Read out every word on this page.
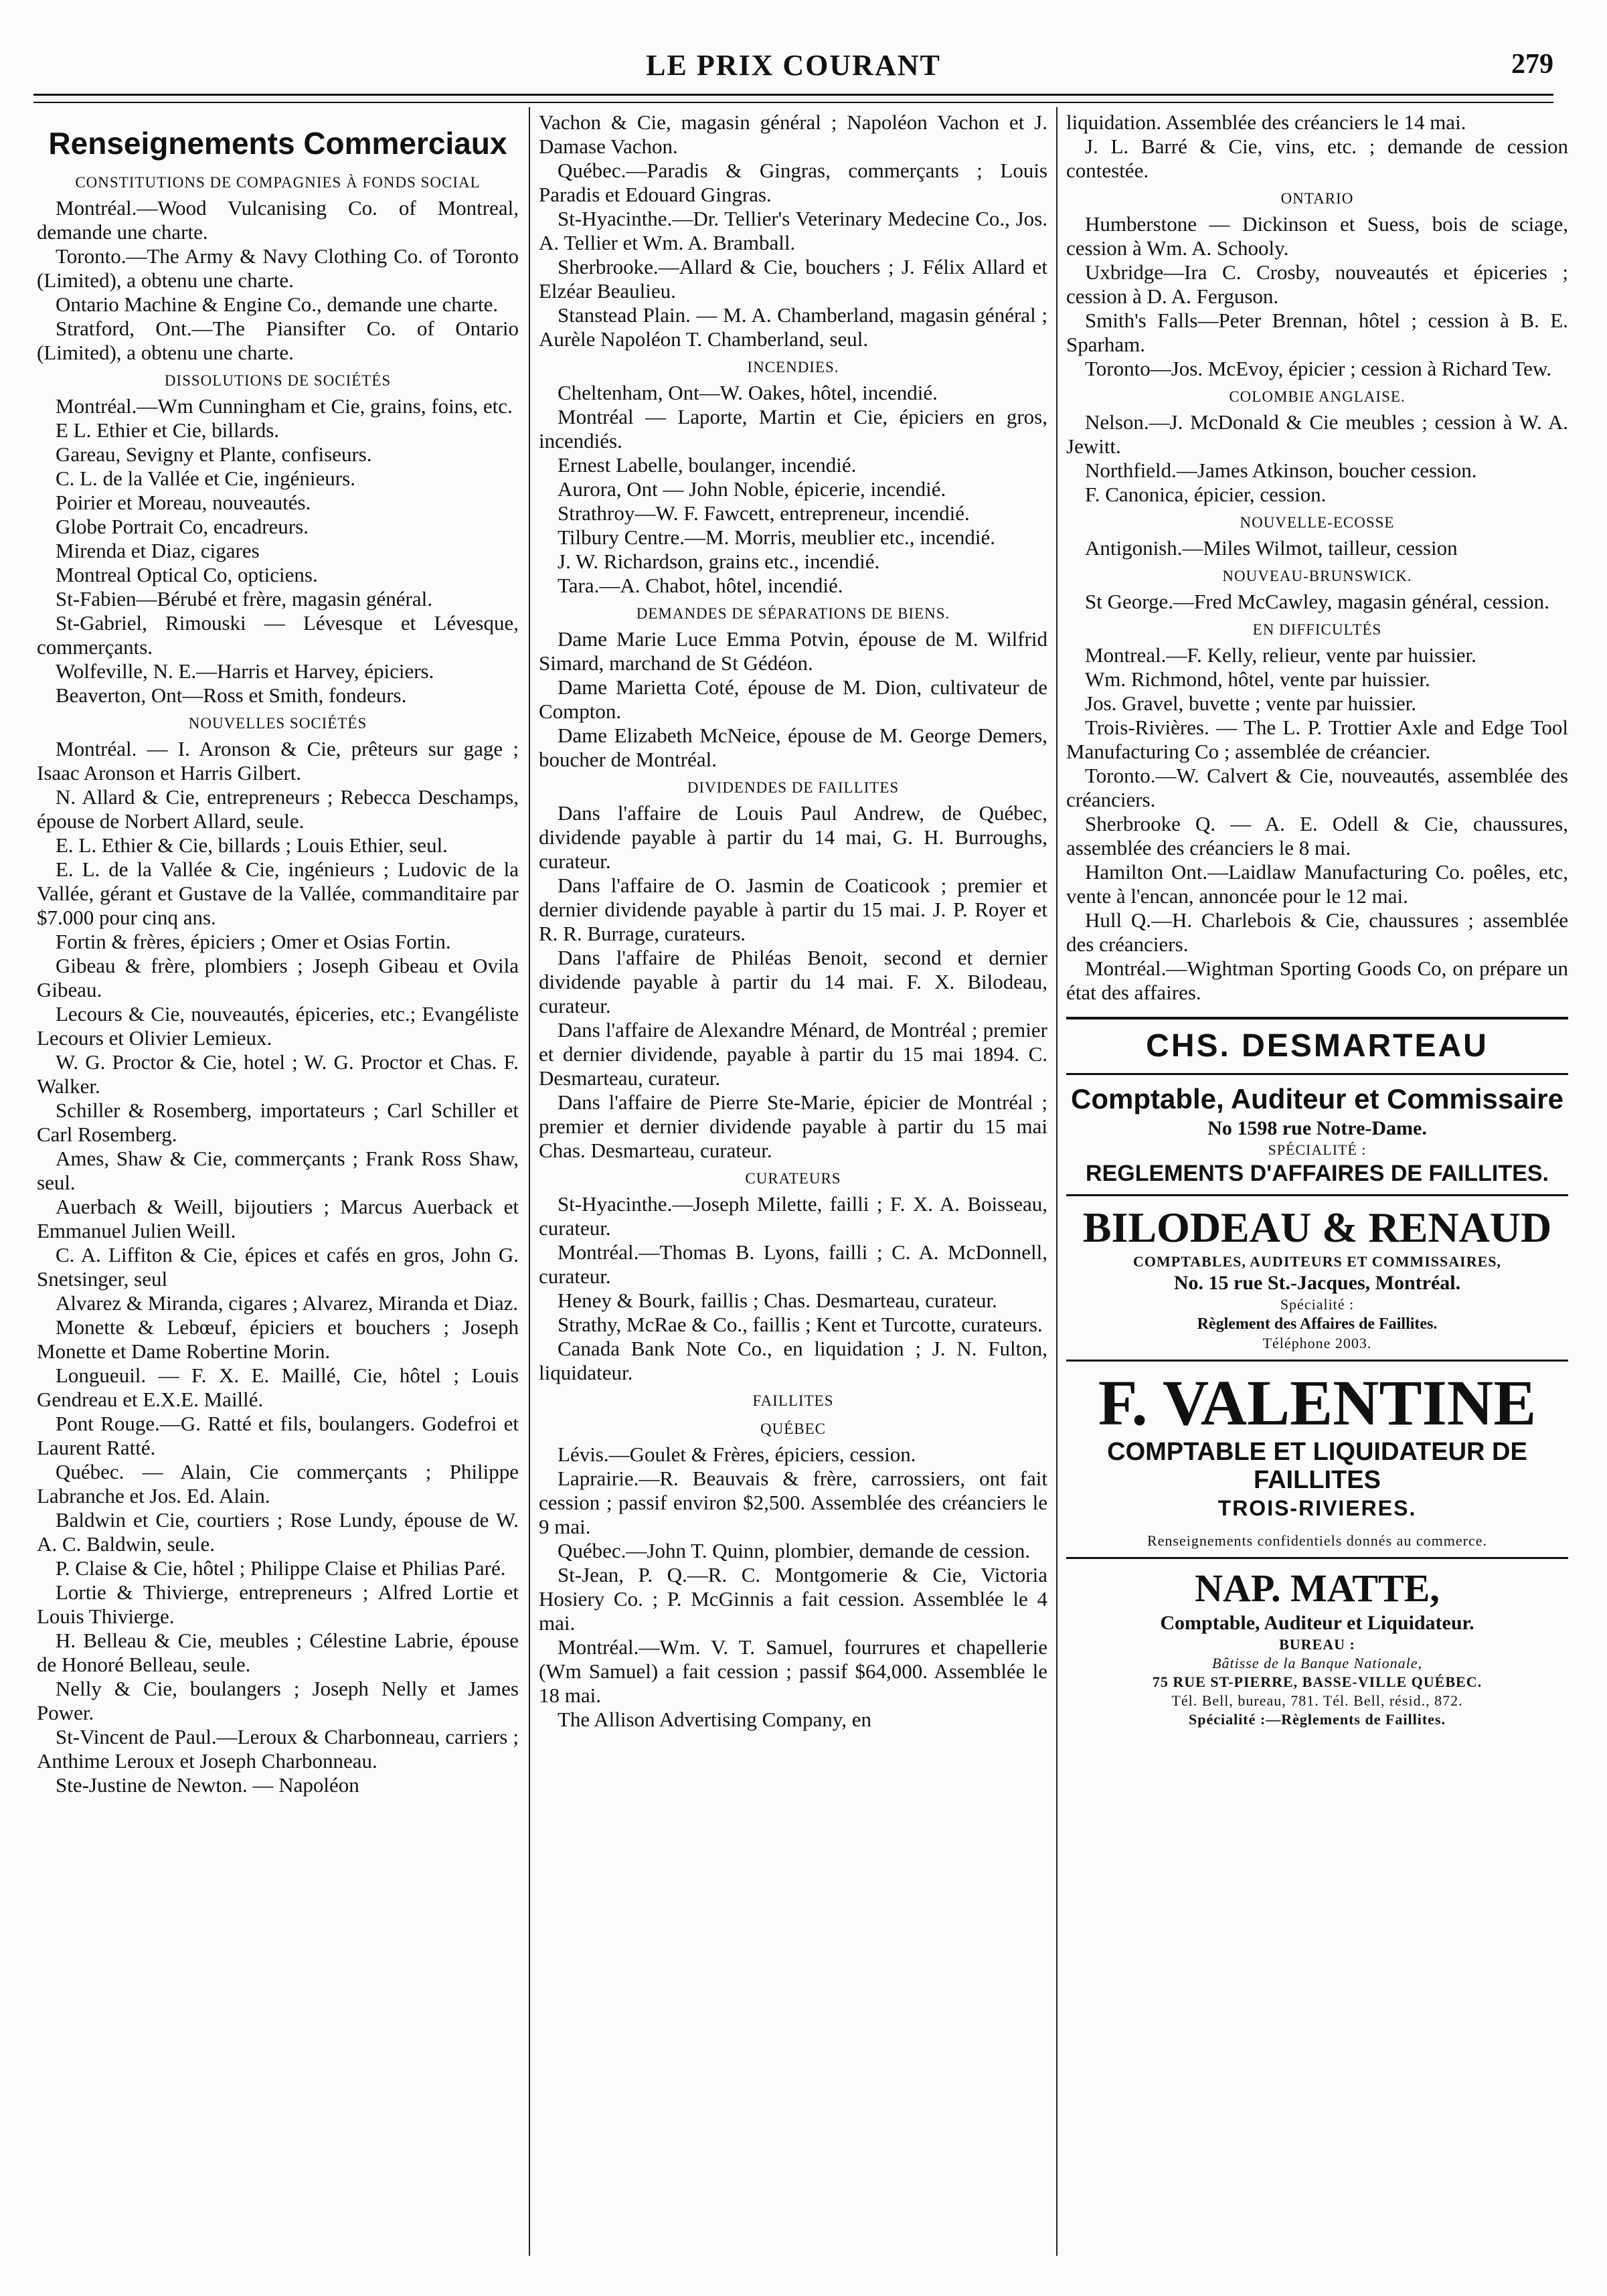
LE PRIX COURANT	279
Renseignements Commerciaux
CONSTITUTIONS DE COMPAGNIES À FONDS SOCIAL

Montréal.—Wood Vulcanising Co. of Montreal, demande une charte.

Toronto.—The Army & Navy Clothing Co. of Toronto (Limited), a obtenu une charte.

Ontario Machine & Engine Co., demande une charte.

Stratford, Ont.—The Piansifter Co. of Ontario (Limited), a obtenu une charte.

DISSOLUTIONS DE SOCIÉTÉS

Montréal.—Wm Cunningham et Cie, grains, foins, etc.

E L. Ethier et Cie, billards.

Gareau, Sevigny et Plante, confiseurs.

C. L. de la Vallée et Cie, ingénieurs.

Poirier et Moreau, nouveautés.

Globe Portrait Co, encadreurs.

Mirenda et Diaz, cigares

Montreal Optical Co, opticiens.

St-Fabien—Bérubé et frère, magasin général.

St-Gabriel, Rimouski — Lévesque et Lévesque, commerçants.

Wolfeville, N. E.—Harris et Harvey, épiciers.

Beaverton, Ont—Ross et Smith, fondeurs.

NOUVELLES SOCIÉTÉS

Montréal. — I. Aronson & Cie, prêteurs sur gage ; Isaac Aronson et Harris Gilbert.

N. Allard & Cie, entrepreneurs ; Rebecca Deschamps, épouse de Norbert Allard, seule.

E. L. Ethier & Cie, billards ; Louis Ethier, seul.

E. L. de la Vallée & Cie, ingénieurs ; Ludovic de la Vallée, gérant et Gustave de la Vallée, commanditaire par $7.000 pour cinq ans.

Fortin & frères, épiciers ; Omer et Osias Fortin.

Gibeau & frère, plombiers ; Joseph Gibeau et Ovila Gibeau.

Lecours & Cie, nouveautés, épiceries, etc.; Evangéliste Lecours et Olivier Lemieux.

W. G. Proctor & Cie, hotel ; W. G. Proctor et Chas. F. Walker.

Schiller & Rosemberg, importateurs ; Carl Schiller et Carl Rosemberg.

Ames, Shaw & Cie, commerçants ; Frank Ross Shaw, seul.

Auerbach & Weill, bijoutiers ; Marcus Auerback et Emmanuel Julien Weill.

C. A. Liffiton & Cie, épices et cafés en gros, John G. Snetsinger, seul

Alvarez & Miranda, cigares ; Alvarez, Miranda et Diaz.

Monette & Lebœuf, épiciers et bouchers ; Joseph Monette et Dame Robertine Morin.

Longueuil. — F. X. E. Maillé, Cie, hôtel ; Louis Gendreau et E.X.E. Maillé.

Pont Rouge.—G. Ratté et fils, boulangers. Godefroi et Laurent Ratté.

Québec. — Alain, Cie commerçants ; Philippe Labranche et Jos. Ed. Alain.

Baldwin et Cie, courtiers ; Rose Lundy, épouse de W. A. C. Baldwin, seule.

P. Claise & Cie, hôtel ; Philippe Claise et Philias Paré.

Lortie & Thivierge, entrepreneurs ; Alfred Lortie et Louis Thivierge.

H. Belleau & Cie, meubles ; Célestine Labrie, épouse de Honoré Belleau, seule.

Nelly & Cie, boulangers ; Joseph Nelly et James Power.

St-Vincent de Paul.—Leroux & Charbonneau, carriers ; Anthime Leroux et Joseph Charbonneau.

Ste-Justine de Newton. — Napoléon

Vachon & Cie, magasin général ; Napoléon Vachon et J. Damase Vachon.

Québec.—Paradis & Gingras, commerçants ; Louis Paradis et Edouard Gingras.

St-Hyacinthe.—Dr. Tellier's Veterinary Medecine Co., Jos. A. Tellier et Wm. A. Bramball.

Sherbrooke.—Allard & Cie, bouchers ; J. Félix Allard et Elzéar Beaulieu.

Stanstead Plain. — M. A. Chamberland, magasin général ; Aurèle Napoléon T. Chamberland, seul.

INCENDIES.

Cheltenham, Ont—W. Oakes, hôtel, incendié.

Montréal — Laporte, Martin et Cie, épiciers en gros, incendiés.

Ernest Labelle, boulanger, incendié.

Aurora, Ont — John Noble, épicerie, incendié.

Strathroy—W. F. Fawcett, entrepreneur, incendié.

Tilbury Centre.—M. Morris, meublier etc., incendié.

J. W. Richardson, grains etc., incendié.

Tara.—A. Chabot, hôtel, incendié.

DEMANDES DE SÉPARATIONS DE BIENS.

Dame Marie Luce Emma Potvin, épouse de M. Wilfrid Simard, marchand de St Gédéon.

Dame Marietta Coté, épouse de M. Dion, cultivateur de Compton.

Dame Elizabeth McNeice, épouse de M. George Demers, boucher de Montréal.

DIVIDENDES DE FAILLITES

Dans l'affaire de Louis Paul Andrew, de Québec, dividende payable à partir du 14 mai, G. H. Burroughs, curateur.

Dans l'affaire de O. Jasmin de Coaticook ; premier et dernier dividende payable à partir du 15 mai. J. P. Royer et R. R. Burrage, curateurs.

Dans l'affaire de Philéas Benoit, second et dernier dividende payable à partir du 14 mai. F. X. Bilodeau, curateur.

Dans l'affaire de Alexandre Ménard, de Montréal ; premier et dernier dividende, payable à partir du 15 mai 1894. C. Desmarteau, curateur.

Dans l'affaire de Pierre Ste-Marie, épicier de Montréal ; premier et dernier dividende payable à partir du 15 mai Chas. Desmarteau, curateur.

CURATEURS

St-Hyacinthe.—Joseph Milette, failli ; F. X. A. Boisseau, curateur.

Montréal.—Thomas B. Lyons, failli ; C. A. McDonnell, curateur.

Heney & Bourk, faillis ; Chas. Desmarteau, curateur.

Strathy, McRae & Co., faillis ; Kent et Turcotte, curateurs.

Canada Bank Note Co., en liquidation ; J. N. Fulton, liquidateur.

FAILLITES
QUÉBEC

Lévis.—Goulet & Frères, épiciers, cession.

Laprairie.—R. Beauvais & frère, carrossiers, ont fait cession ; passif environ $2,500. Assemblée des créanciers le 9 mai.

Québec.—John T. Quinn, plombier, demande de cession.

St-Jean, P. Q.—R. C. Montgomerie & Cie, Victoria Hosiery Co. ; P. McGinnis a fait cession. Assemblée le 4 mai.

Montréal.—Wm. V. T. Samuel, fourrures et chapellerie (Wm Samuel) a fait cession ; passif $64,000. Assemblée le 18 mai.

The Allison Advertising Company, en

liquidation. Assemblée des créanciers le 14 mai.

J. L. Barré & Cie, vins, etc. ; demande de cession contestée.

ONTARIO

Humberstone — Dickinson et Suess, bois de sciage, cession à Wm. A. Schooly.

Uxbridge—Ira C. Crosby, nouveautés et épiceries ; cession à D. A. Ferguson.

Smith's Falls—Peter Brennan, hôtel ; cession à B. E. Sparham.

Toronto—Jos. McEvoy, épicier ; cession à Richard Tew.

COLOMBIE ANGLAISE.

Nelson.—J. McDonald & Cie meubles ; cession à W. A. Jewitt.

Northfield.—James Atkinson, boucher cession.

F. Canonica, épicier, cession.

NOUVELLE-ECOSSE

Antigonish.—Miles Wilmot, tailleur, cession

NOUVEAU-BRUNSWICK.

St George.—Fred McCawley, magasin général, cession.

EN DIFFICULTÉS

Montreal.—F. Kelly, relieur, vente par huissier.

Wm. Richmond, hôtel, vente par huissier.

Jos. Gravel, buvette ; vente par huissier.

Trois-Rivières. — The L. P. Trottier Axle and Edge Tool Manufacturing Co ; assemblée de créancier.

Toronto.—W. Calvert & Cie, nouveautés, assemblée des créanciers.

Sherbrooke Q. — A. E. Odell & Cie, chaussures, assemblée des créanciers le 8 mai.

Hamilton Ont.—Laidlaw Manufacturing Co. poêles, etc, vente à l'encan, annoncée pour le 12 mai.

Hull Q.—H. Charlebois & Cie, chaussures ; assemblée des créanciers.

Montréal.—Wightman Sporting Goods Co, on prépare un état des affaires.

CHS. DESMARTEAU
Comptable, Auditeur et Commissaire
No 1598 rue Notre-Dame.
SPÉCIALITÉ :
REGLEMENTS D'AFFAIRES DE FAILLITES.
BILODEAU & RENAUD
COMPTABLES, AUDITEURS ET COMMISSAIRES,
No. 15 rue St.-Jacques, Montréal.
Spécialité :
Règlement des Affaires de Faillites.
Téléphone 2003.
F. VALENTINE
COMPTABLE ET LIQUIDATEUR DE FAILLITES
TROIS-RIVIERES.
Renseignements confidentiels donnés au commerce.
NAP. MATTE,
Comptable, Auditeur et Liquidateur.
BUREAU :
Bâtisse de la Banque Nationale,
75 RUE ST-PIERRE, BASSE-VILLE QUÉBEC.
Tél. Bell, bureau, 781. Tél. Bell, résid., 872.
Spécialité :—Règlements de Faillites.
